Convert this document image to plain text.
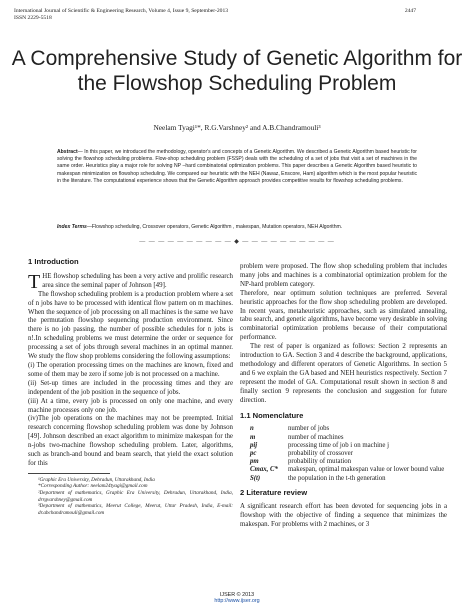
International Journal of Scientific & Engineering Research, Volume 4, Issue 9, September-2013
ISSN 2229-5518
2447
A Comprehensive Study of Genetic Algorithm for
the Flowshop Scheduling Problem
Neelam Tyagi¹*, R.G.Varshney² and A.B.Chandramouli³
Abstract— In this paper, we introduced the methodology, operator's and concepts of a Genetic Algorithm. We described a Genetic Algorithm based heuristic for solving the flowshop scheduling problems. Flow-shop scheduling problem (FSSP) deals with the scheduling of a set of jobs that visit a set of machines in the same order. Heuristics play a major role for solving NP –hard combinatorial optimization problems. This paper describes a Genetic Algorithm based heuristic to makespan minimization on flowshop scheduling. We compared our heuristic with the NEH (Nawaz, Enscore, Ham) algorithm which is the most popular heuristic in the literature. The computational experience shows that the Genetic Algorithm approach provides competitive results for flowshop scheduling problems.
Index Terms—Flowshop scheduling, Crossover operators, Genetic Algorithm , makespan, Mutation operators, NEH Algorithm.
— — — — — — — — — — ◆ — — — — — — — — — —
1 Introduction

THE flowshop scheduling has been a very active and prolific research area since the seminal paper of Johnson [49].

The flowshop scheduling problem is a production problem where a set of n jobs have to be processed with identical flow pattern on m machines. When the sequence of job processing on all machines is the same we have the permutation flowshop sequencing production environment. Since there is no job passing, the number of possible schedules for n jobs is n!.In scheduling problems we must determine the order or sequence for processing a set of jobs through several machines in an optimal manner. We study the flow shop problems considering the following assumptions:

(i) The operation processing times on the machines are known, fixed and some of them may be zero if some job is not processed on a machine.

(ii) Set-up times are included in the processing times and they are independent of the job position in the sequence of jobs.

(iii) At a time, every job is processed on only one machine, and every machine processes only one job.

(iv)The job operations on the machines may not be preempted. Initial research concerning flowshop scheduling problem was done by Johnson [49]. Johnson described an exact algorithm to minimize makespan for the n-jobs two-machine flowshop scheduling problem. Later, algorithms, such as branch-and bound and beam search, that yield the exact solution for this

¹Graphic Era University, Dehradun, Uttarakhand, India
*Corresponding Author: neelam24tyagi@gmail.com
²Department of mathematics, Graphic Era University, Dehradun, Uttarakhand, India, drrgvarshney@gmail.com
³Department of mathematics, Meerut College, Meerut, Uttar Pradesh, India, E-mail: dr.abchandramouli@gmail.com

problem were proposed. The flow shop scheduling problem that includes many jobs and machines is a combinatorial optimization problem for the NP-hard problem category.

Therefore, near optimum solution techniques are preferred. Several heuristic approaches for the flow shop scheduling problem are developed. In recent years, metaheuristic approaches, such as simulated annealing, tabu search, and genetic algorithms, have become very desirable in solving combinatorial optimization problems because of their computational performance.

The rest of paper is organized as follows: Section 2 represents an introduction to GA. Section 3 and 4 describe the background, applications, methodology and different operators of Genetic Algorithms. In section 5 and 6 we explain the GA based and NEH heuristics respectively. Section 7 represent the model of GA. Computational result shown in section 8 and finally section 9 represents the conclusion and suggestion for future direction.

1.1 Nomenclature
n	number of jobs
m	number of machines
pij	processing time of job i on machine j
pc	probability of crossover
pm	probability of mutation
Cmax, C*	makespan, optimal makespan value or lower bound value
S(t)	the population in the t-th generation
2 Literature review

A significant research effort has been devoted for sequencing jobs in a flowshop with the objective of finding a sequence that minimizes the makespan. For problems with 2 machines, or 3

IJSER © 2013
http://www.ijser.org
